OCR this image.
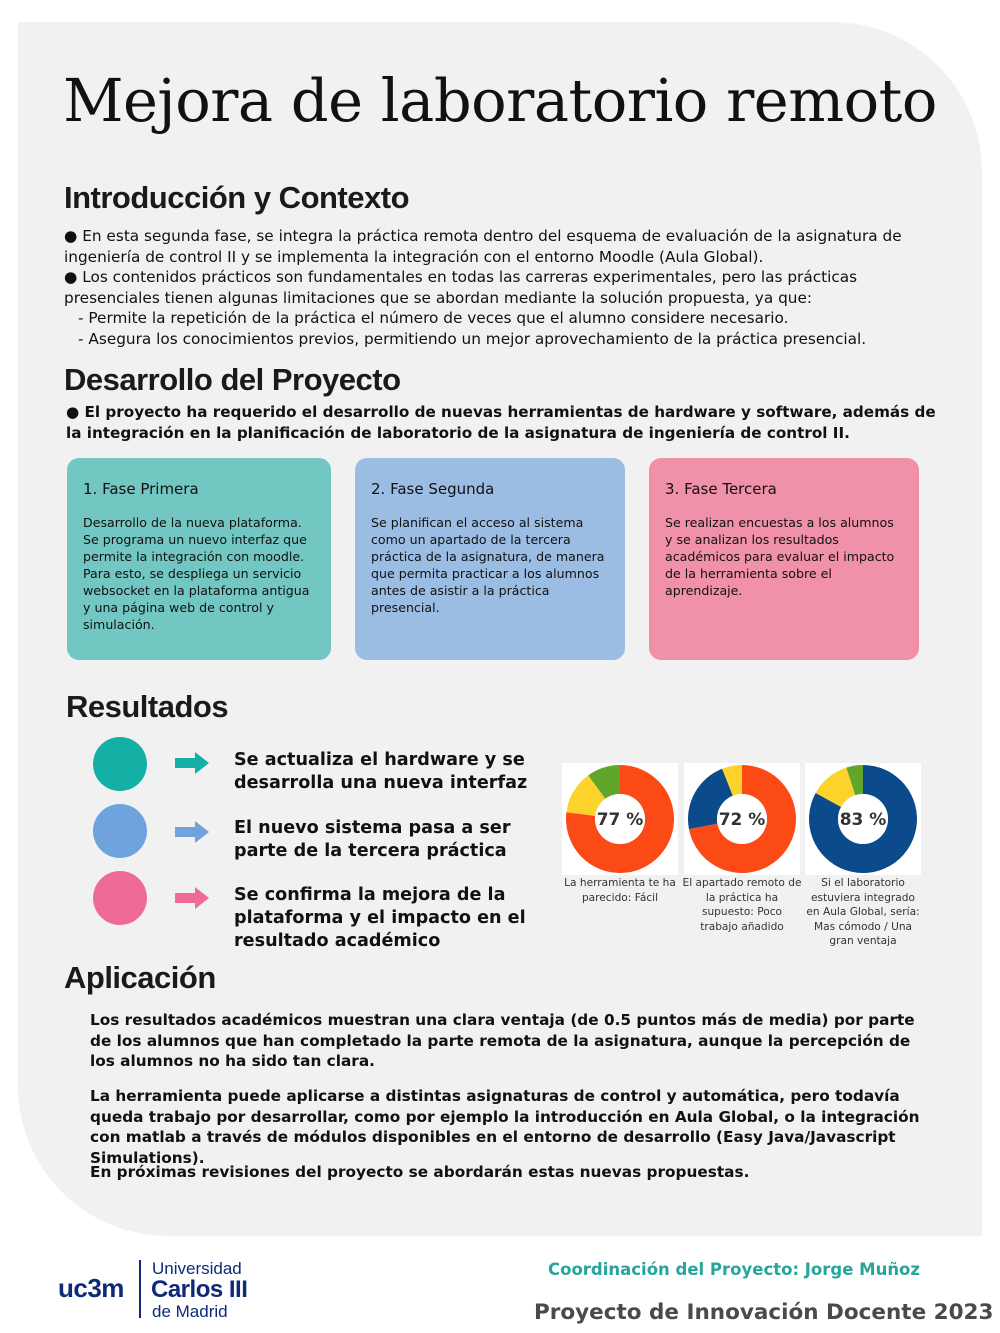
Mejora de laboratorio remoto
Introducción y Contexto

● En esta segunda fase, se integra la práctica remota dentro del esquema de evaluación de la asignatura de ingeniería de control II y se implementa la integración con el entorno Moodle (Aula Global).

● Los contenidos prácticos son fundamentales en todas las carreras experimentales, pero las prácticas presenciales tienen algunas limitaciones que se abordan mediante la solución propuesta, ya que:

- Permite la repetición de la práctica el número de veces que el alumno considere necesario.

- Asegura los conocimientos previos, permitiendo un mejor aprovechamiento de la práctica presencial.

Desarrollo del Proyecto

● El proyecto ha requerido el desarrollo de nuevas herramientas de hardware y software, además de la integración en la planificación de laboratorio de la asignatura de ingeniería de control II.

1. Fase Primera

Desarrollo de la nueva plataforma. Se programa un nuevo interfaz que permite la integración con moodle. Para esto, se despliega un servicio websocket en la plataforma antigua y una página web de control y simulación.

2. Fase Segunda

Se planifican el acceso al sistema como un apartado de la tercera práctica de la asignatura, de manera que permita practicar a los alumnos antes de asistir a la práctica presencial.

3. Fase Tercera

Se realizan encuestas a los alumnos y se analizan los resultados académicos para evaluar el impacto de la herramienta sobre el aprendizaje.

Resultados

Se actualiza el hardware y se desarrolla una nueva interfaz

El nuevo sistema pasa a ser parte de la tercera práctica

Se confirma la mejora de la plataforma y el impacto en el resultado académico

77 %

La herramienta te ha parecido: Fácil

72 %

El apartado remoto de la práctica ha supuesto: Poco trabajo añadido

83 %

Si el laboratorio estuviera integrado en Aula Global, sería: Mas cómodo / Una gran ventaja

Aplicación

Los resultados académicos muestran una clara ventaja (de 0.5 puntos más de media) por parte de los alumnos que han completado la parte remota de la asignatura, aunque la percepción de los alumnos no ha sido tan clara.

La herramienta puede aplicarse a distintas asignaturas de control y automática, pero todavía queda trabajo por desarrollar, como por ejemplo la introducción en Aula Global, o la integración con matlab a través de módulos disponibles en el entorno de desarrollo (Easy Java/Javascript Simulations).

En próximas revisiones del proyecto se abordarán estas nuevas propuestas.

uc3m
Universidad
Carlos III
de Madrid

Coordinación del Proyecto: Jorge Muñoz

Proyecto de Innovación Docente 2023
